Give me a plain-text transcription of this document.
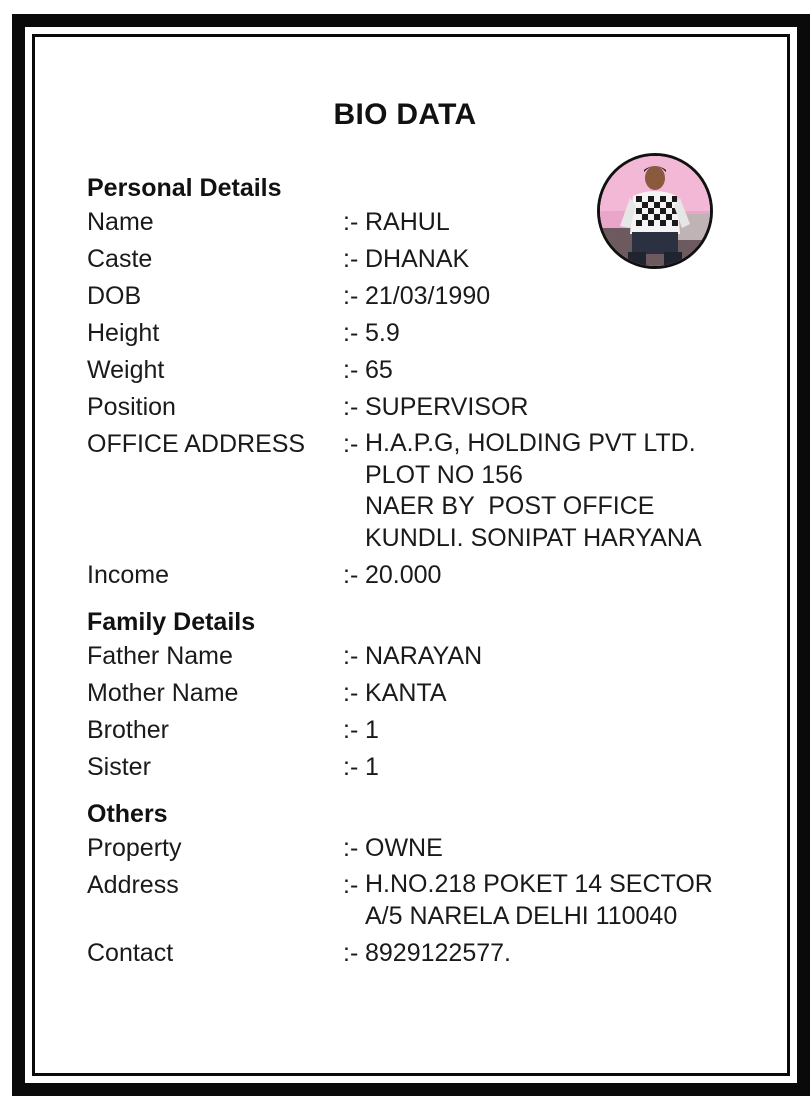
BIO DATA
Personal Details
Name	:- RAHUL
Caste	:- DHANAK
DOB	:- 21/03/1990
Height	:- 5.9
Weight	:- 65
Position	:- SUPERVISOR
OFFICE ADDRESS	:- H.A.P.G, HOLDING PVT LTD.
PLOT NO 156
NAER BY  POST OFFICE
KUNDLI. SONIPAT HARYANA
Income	:- 20.000
Family Details
Father Name	:- NARAYAN
Mother Name	:- KANTA
Brother	:- 1
Sister	:- 1
Others
Property	:- OWNE
Address	:- H.NO.218 POKET 14 SECTOR
A/5 NARELA DELHI 110040
Contact	:- 8929122577.
